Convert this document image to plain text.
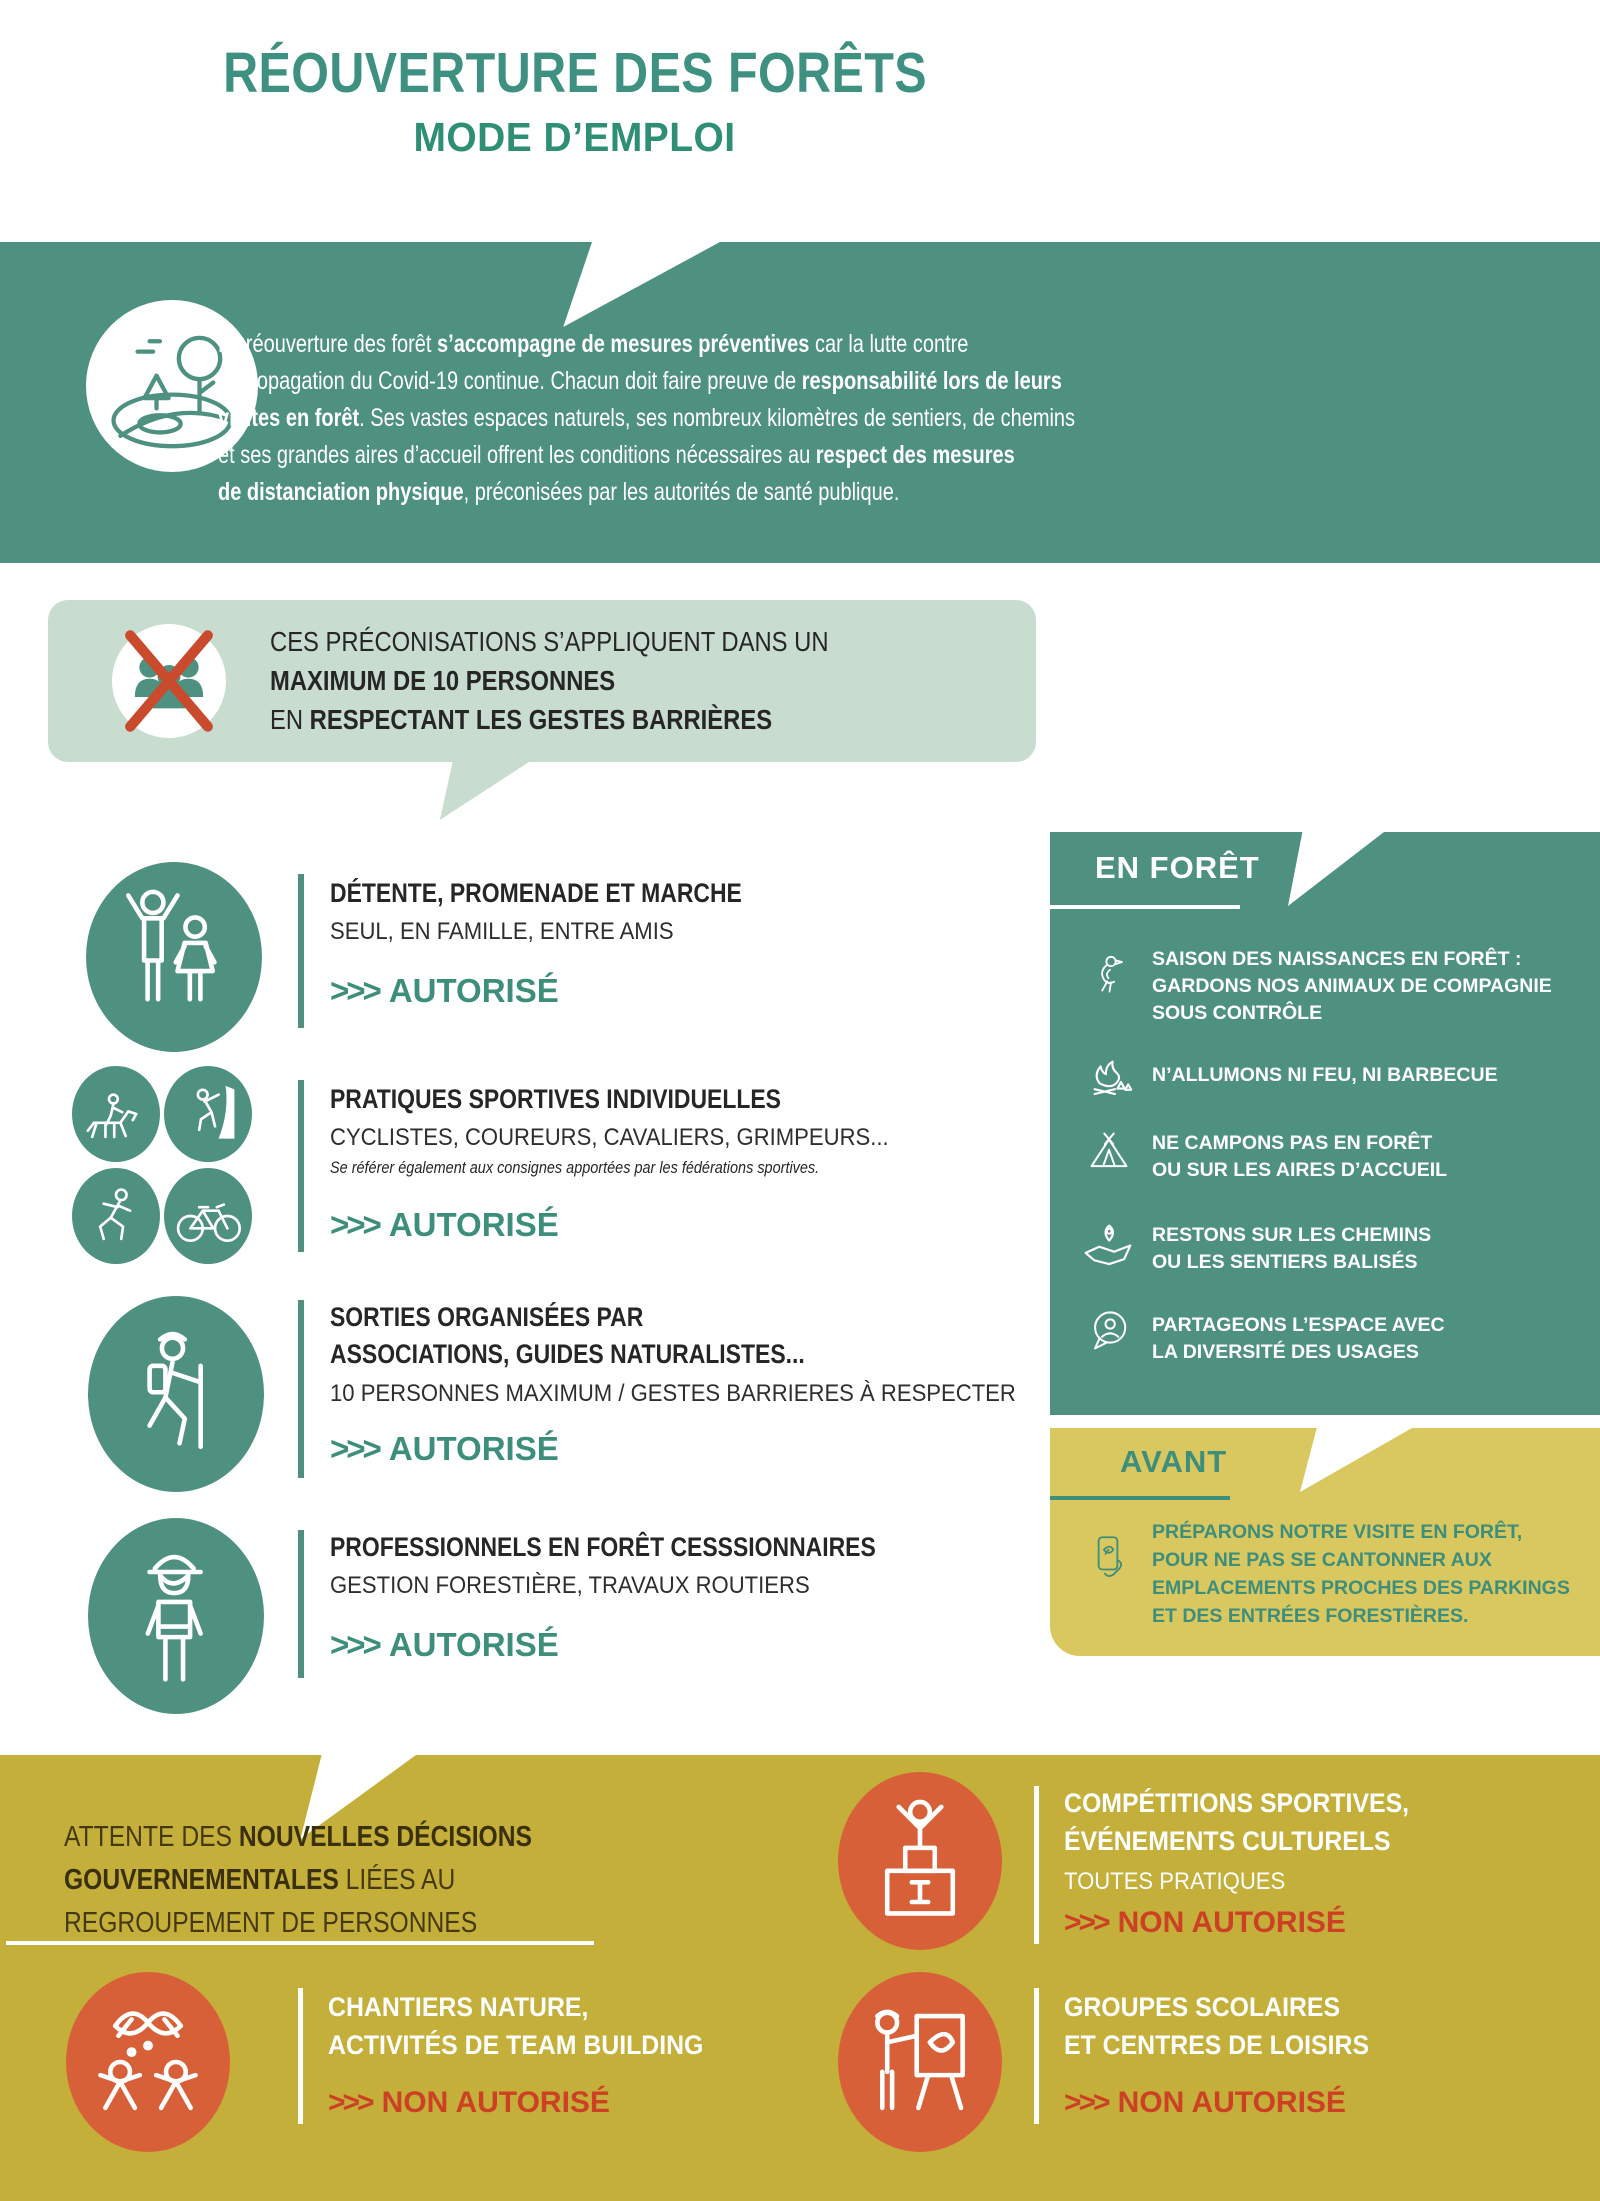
RÉOUVERTURE DES FORÊTS
MODE D’EMPLOI
La réouverture des forêt s’accompagne de mesures préventives car la lutte contre
la propagation du Covid-19 continue. Chacun doit faire preuve de responsabilité lors de leurs
visites en forêt. Ses vastes espaces naturels, ses nombreux kilomètres de sentiers, de chemins
et ses grandes aires d’accueil offrent les conditions nécessaires au respect des mesures
de distanciation physique, préconisées par les autorités de santé publique.
CES PRÉCONISATIONS S’APPLIQUENT DANS UN
MAXIMUM DE 10 PERSONNES
EN RESPECTANT LES GESTES BARRIÈRES
DÉTENTE, PROMENADE ET MARCHE
SEUL, EN FAMILLE, ENTRE AMIS
>>> AUTORISÉ
PRATIQUES SPORTIVES INDIVIDUELLES
CYCLISTES, COUREURS, CAVALIERS, GRIMPEURS...
Se référer également aux consignes apportées par les fédérations sportives.
>>> AUTORISÉ
SORTIES ORGANISÉES PAR
ASSOCIATIONS, GUIDES NATURALISTES...
10 PERSONNES MAXIMUM / GESTES BARRIERES À RESPECTER
>>> AUTORISÉ
PROFESSIONNELS EN FORÊT CESSSIONNAIRES
GESTION FORESTIÈRE, TRAVAUX ROUTIERS
>>> AUTORISÉ
EN FORÊT
SAISON DES NAISSANCES EN FORÊT :
GARDONS NOS ANIMAUX DE COMPAGNIE
SOUS CONTRÔLE
N’ALLUMONS NI FEU, NI BARBECUE
NE CAMPONS PAS EN FORÊT
OU SUR LES AIRES D’ACCUEIL
RESTONS SUR LES CHEMINS
OU LES SENTIERS BALISÉS
PARTAGEONS L’ESPACE AVEC
LA DIVERSITÉ DES USAGES
AVANT
PRÉPARONS NOTRE VISITE EN FORÊT,
POUR NE PAS SE CANTONNER AUX
EMPLACEMENTS PROCHES DES PARKINGS
ET DES ENTRÉES FORESTIÈRES.
ATTENTE DES NOUVELLES DÉCISIONS
GOUVERNEMENTALES LIÉES AU
REGROUPEMENT DE PERSONNES
COMPÉTITIONS SPORTIVES,
ÉVÉNEMENTS CULTURELS
TOUTES PRATIQUES
>>> NON AUTORISÉ
CHANTIERS NATURE,
ACTIVITÉS DE TEAM BUILDING
>>> NON AUTORISÉ
GROUPES SCOLAIRES
ET CENTRES DE LOISIRS
>>> NON AUTORISÉ
